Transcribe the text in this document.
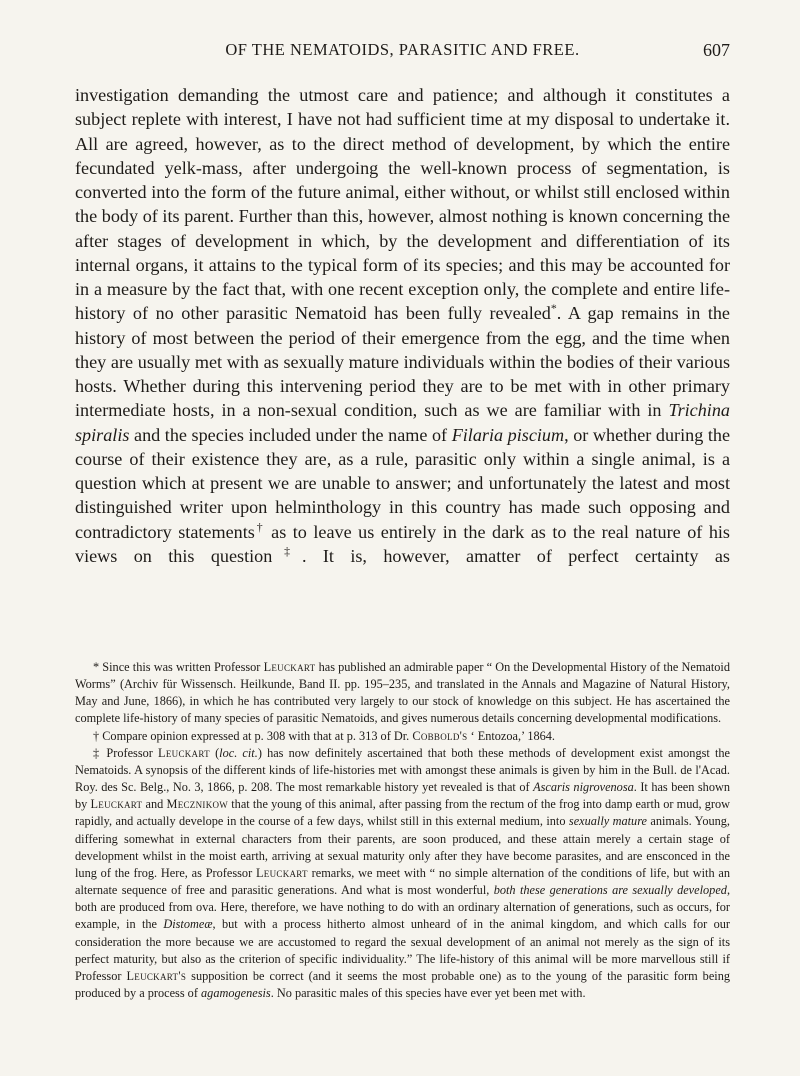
OF THE NEMATOIDS, PARASITIC AND FREE.	607

investigation demanding the utmost care and patience; and although it constitutes a subject replete with interest, I have not had sufficient time at my disposal to undertake it. All are agreed, however, as to the direct method of development, by which the entire fecundated yelk-mass, after undergoing the well-known process of segmentation, is converted into the form of the future animal, either without, or whilst still enclosed within the body of its parent. Further than this, however, almost nothing is known concerning the after stages of development in which, by the development and differentiation of its internal organs, it attains to the typical form of its species; and this may be accounted for in a measure by the fact that, with one recent exception only, the complete and entire life-history of no other parasitic Nematoid has been fully revealed*. A gap remains in the history of most between the period of their emergence from the egg, and the time when they are usually met with as sexually mature individuals within the bodies of their various hosts. Whether during this intervening period they are to be met with in other primary intermediate hosts, in a non-sexual condition, such as we are familiar with in Trichina spiralis and the species included under the name of Filaria piscium, or whether during the course of their existence they are, as a rule, parasitic only within a single animal, is a question which at present we are unable to answer; and unfortunately the latest and most distinguished writer upon helminthology in this country has made such opposing and contradictory statements† as to leave us entirely in the dark as to the real nature of his views on this question‡. It is, however, amatter of perfect certainty as

* Since this was written Professor Leuckart has published an admirable paper “ On the Developmental History of the Nematoid Worms” (Archiv für Wissensch. Heilkunde, Band II. pp. 195–235, and translated in the Annals and Magazine of Natural History, May and June, 1866), in which he has contributed very largely to our stock of knowledge on this subject. He has ascertained the complete life-history of many species of parasitic Nematoids, and gives numerous details concerning developmental modifications.

† Compare opinion expressed at p. 308 with that at p. 313 of Dr. Cobbold's ‘ Entozoa,’ 1864.

‡ Professor Leuckart (loc. cit.) has now definitely ascertained that both these methods of development exist amongst the Nematoids. A synopsis of the different kinds of life-histories met with amongst these animals is given by him in the Bull. de l'Acad. Roy. des Sc. Belg., No. 3, 1866, p. 208. The most remarkable history yet revealed is that of Ascaris nigrovenosa. It has been shown by Leuckart and Mecznikow that the young of this animal, after passing from the rectum of the frog into damp earth or mud, grow rapidly, and actually develope in the course of a few days, whilst still in this external medium, into sexually mature animals. Young, differing somewhat in external characters from their parents, are soon produced, and these attain merely a certain stage of development whilst in the moist earth, arriving at sexual maturity only after they have become parasites, and are ensconced in the lung of the frog. Here, as Professor Leuckart remarks, we meet with “ no simple alternation of the conditions of life, but with an alternate sequence of free and parasitic generations. And what is most wonderful, both these generations are sexually developed, both are produced from ova. Here, therefore, we have nothing to do with an ordinary alternation of generations, such as occurs, for example, in the Distomeæ, but with a process hitherto almost unheard of in the animal kingdom, and which calls for our consideration the more because we are accustomed to regard the sexual development of an animal not merely as the sign of its perfect maturity, but also as the criterion of specific individuality.” The life-history of this animal will be more marvellous still if Professor Leuckart's supposition be correct (and it seems the most probable one) as to the young of the parasitic form being produced by a process of agamogenesis. No parasitic males of this species have ever yet been met with.
